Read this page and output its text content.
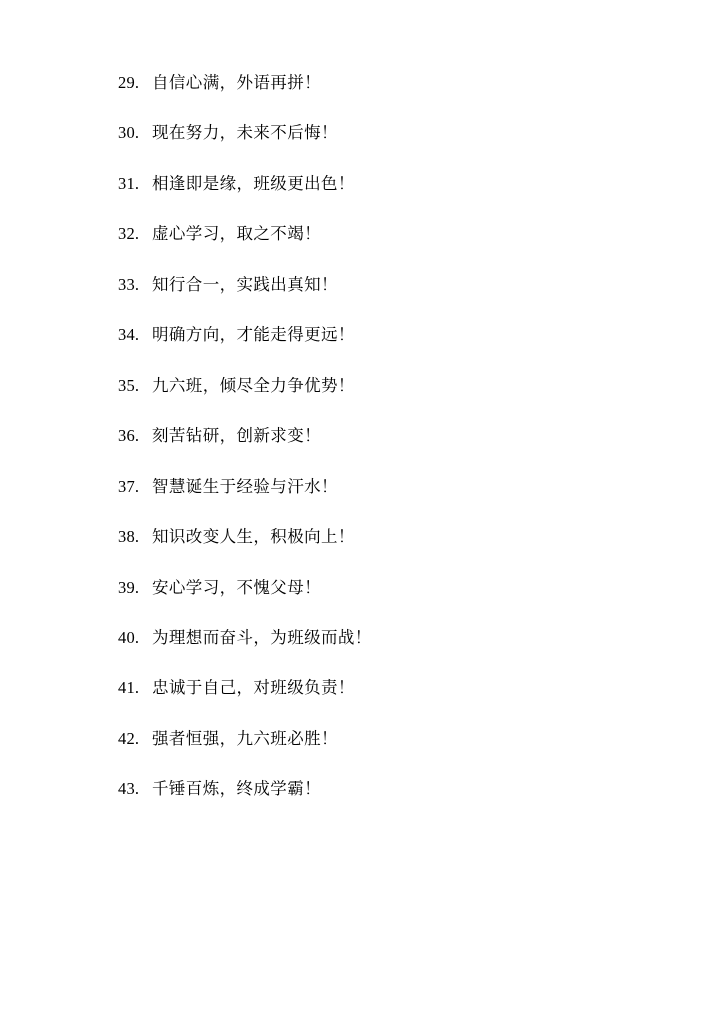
29. 自信心满，外语再拼！
30. 现在努力，未来不后悔！
31. 相逢即是缘，班级更出色！
32. 虚心学习，取之不竭！
33. 知行合一，实践出真知！
34. 明确方向，才能走得更远！
35. 九六班，倾尽全力争优势！
36. 刻苦钻研，创新求变！
37. 智慧诞生于经验与汗水！
38. 知识改变人生，积极向上！
39. 安心学习，不愧父母！
40. 为理想而奋斗，为班级而战！
41. 忠诚于自己，对班级负责！
42. 强者恒强，九六班必胜！
43. 千锤百炼，终成学霸！
